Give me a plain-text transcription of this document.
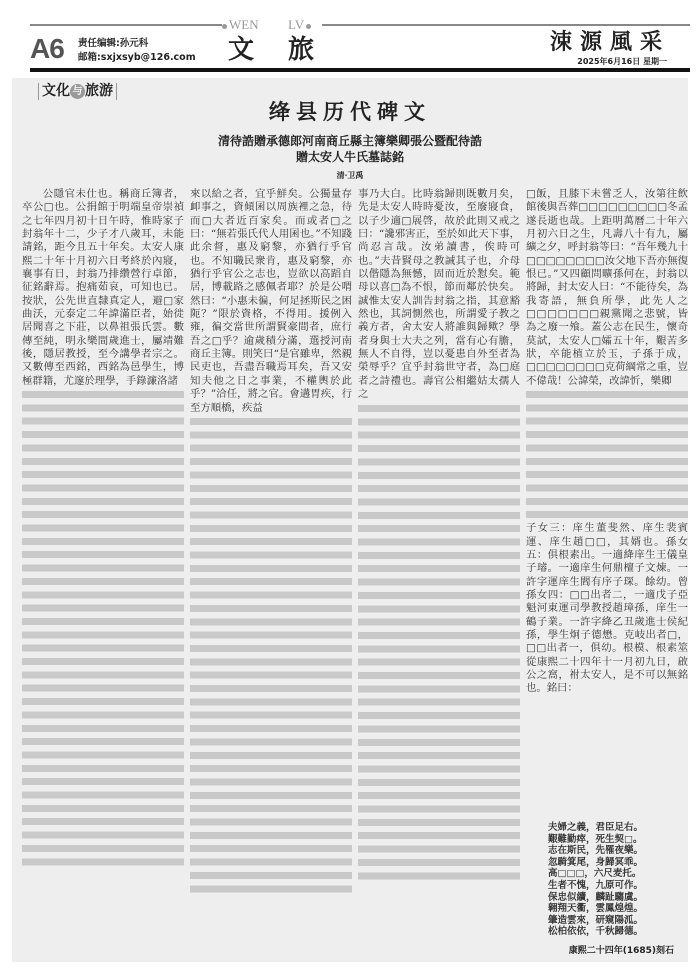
WEN LV
文 旅
A6 责任编辑:孙元科
邮箱:sxjxsyb@126.com
涑源風采
2025年6月16日 星期一
文化 与 旅游
绛县历代碑文
清待誥贈承德郎河南商丘縣主簿樂卿張公暨配待誥
贈太安人牛氏墓誌銘
清·卫禹

公隱官未仕也。稱商丘簿者，卒公□也。公捐館于明端皇帝崇禎之七年四月初十日午時，惟時家子封翁年十二，少子才八歲耳，未能請銘，距今且五十年矣。太安人康熙二十年十月初六日考終於內寢，襄事有日，封翁乃排纘營行卓節，征銘辭焉。抱痛茹哀，可知也已。按狀，公先世直隸真定人，避□家曲沃，元泰定二年諱滿臣者，始徙居聞喜之下莊，以鼻祖張氏雲。數傳至純，明永樂間歲進士，屬靖難後，隱居教授，至今講學者宗之。又數傳至西銘，西銘為邑學生，博極群籍，尤邃於理學，手錄濂洛諸

來以給之者，宜乎鮮矣。公獨量存卹事之，資傾囷以周族裡之急，待而□大者近百家矣。而或者□之曰：“無若張氏代人用囷也。”不知踐此余督，惠及窮黎，亦猶行乎官也。不知職民衆肯，惠及窮黎，亦猶行乎官公之志也，豈欲以高蹈自居，博載路之感佩者耶？於是公喟然曰：“小惠未徧，何足拯斯民之困阨？”限於資格，不得用。援例入雍，徧交當世所謂賢豪間者，庶行吾之□乎？逾歲積分滿，選授河南商丘主簿。則笑曰“是官雖卑，然親民吏也，吾盡吾職焉耳矣，吾又安知夫他之日之事業，不權輿於此乎？”洽任，將之官。會遘胃疾，行至方順橋，疾益

事乃大白。比時翁歸則既數月矣，先是太安人時時憂汝，至廢寢食，以子少適□展啓，故於此則又戒之曰：“讒邪害正，至於如此天下事，尚忍言哉。汝弟讀書，俟時可也。”夫昔賢母之教誡其子也，介母以偕隱為無憾，固而近於懟矣。範母以喜□為不恨，節而鄰於快矣。誠惟太安人訓告封翁之指，其意豁然也，其詞惻然也，所謂愛子教之義方者，舍太安人將誰與歸歟？學者身與士大夫之列，當有心有膽，無人不自得，豈以憂患自外至者為榮辱乎？宜乎封翁世守者，為□庭者之詩禮也。壽官公相繼姑太孺人之

□飯，且膝下未嘗乏人，汝第往飲館後與吾葬□□□□□□□□□冬孟遂長逝也哉。上距明萬曆二十年六月初六日之生，凡壽八十有九，屬纊之夕，呼封翁等曰：“吾年幾九十□□□□□□□□汝父地下吾亦無復恨已。”又四顧問曠孫何在，封翁以將歸，封太安人曰：“不能待矣，為我寄語，無負所學，此先人之□□□□□□□親黨聞之悲號，皆為之廢一飧。蓋公志在民生，懷奇莫試，太安人□孀五十年，艱苦多狀，卒能植立於玉，子孫于成，□□□□□□□□克荷綱常之重，豈不偉哉！公諱榮，改諱忻，樂卿

子女三：庠生董斐然、庠生裴賓運、庠生趙□□，其婿也。孫女五：俱根素出。一適絳庠生王儀皇子璿。一適庠生何鼎檀子文煉。一許字運庠生閻有序子琛。餘幼。曾孫女四：□□出者二，一適戊子亞魁河東運司學教授趙璋孫，庠生一鶴子業。一許字絳乙丑歲進士侯紀孫，學生炯子德懋。克岐出者□，□□出者一，俱幼。根模、根素筮從康熙二十四年十一月初九日，啟公之窩，祔太安人，是不可以無銘也。銘曰：

夫婦之義，君臣足右。
艱難勤瘁，死生契□。
志在斯民，先罹夜樂。
忽騎箕尾，身歸冥乖。
高□□□，六尺麦托。
生者不愧，九原可作。
保忠似續，麟趾騶虞。
翱翔天衢，雲鳳煌煌。
肇造雲來，研窺陽泒。
松柏依依，千秋歸德。
康熙二十四年(1685)刻石
